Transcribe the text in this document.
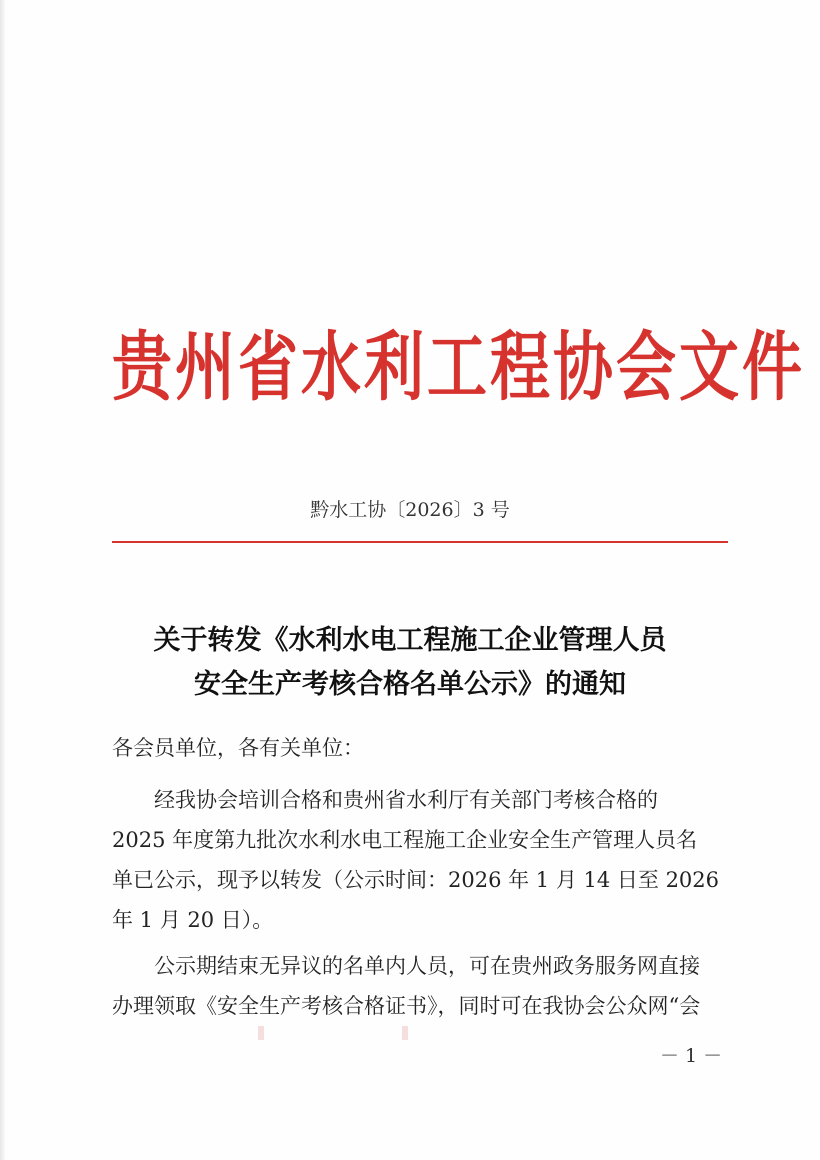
贵州省水利工程协会文件
黔水工协〔2026〕3 号
关于转发《水利水电工程施工企业管理人员
安全生产考核合格名单公示》的通知
各会员单位，各有关单位：
经我协会培训合格和贵州省水利厅有关部门考核合格的
2025 年度第九批次水利水电工程施工企业安全生产管理人员名
单已公示，现予以转发（公示时间：2026 年 1 月 14 日至 2026
年 1 月 20 日）。
公示期结束无异议的名单内人员，可在贵州政务服务网直接
办理领取《安全生产考核合格证书》，同时可在我协会公众网“会
－ 1 －
